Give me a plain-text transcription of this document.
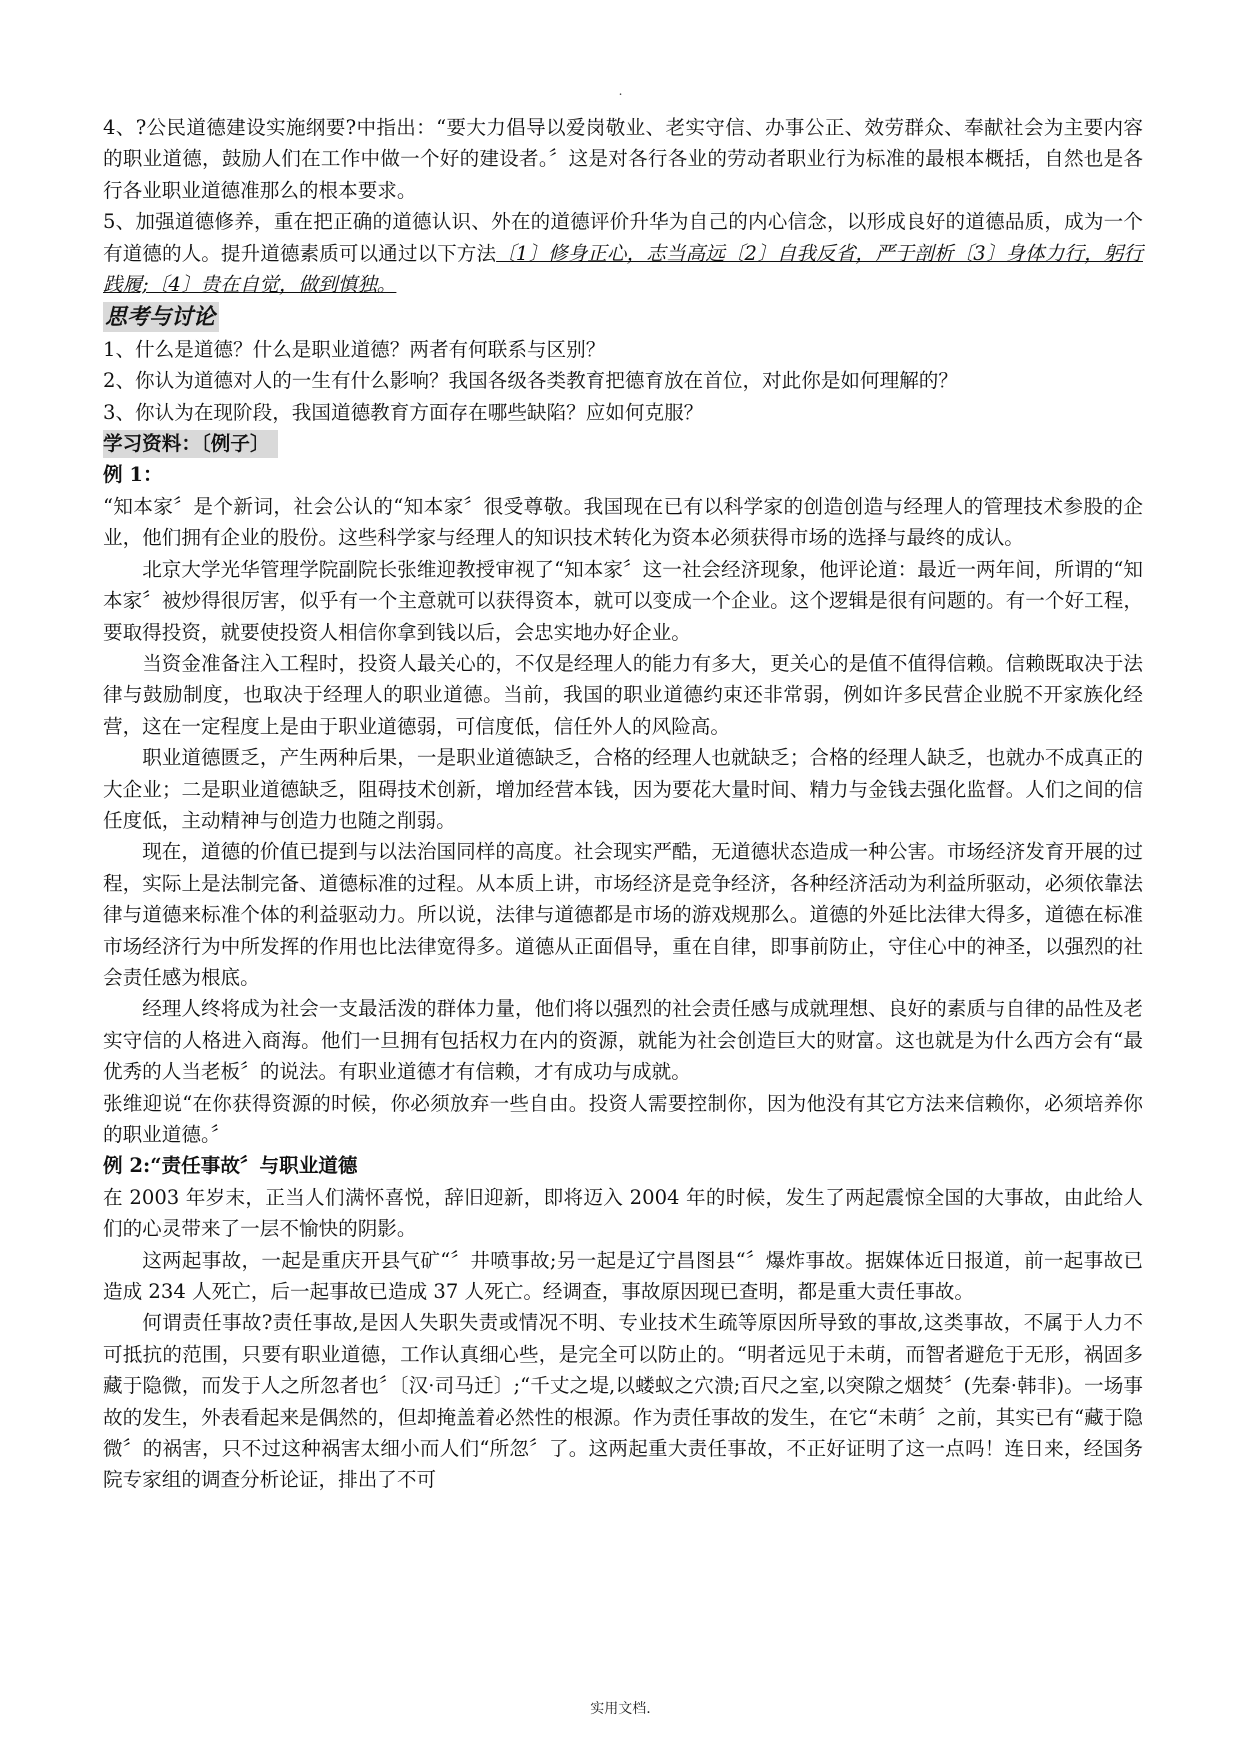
.

4、?公民道德建设实施纲要?中指出：“要大力倡导以爱岗敬业、老实守信、办事公正、效劳群众、奉献社会为主要内容的职业道德，鼓励人们在工作中做一个好的建设者。〞这是对各行各业的劳动者职业行为标准的最根本概括，自然也是各行各业职业道德准那么的根本要求。

5、加强道德修养，重在把正确的道德认识、外在的道德评价升华为自己的内心信念，以形成良好的道德品质，成为一个有道德的人。提升道德素质可以通过以下方法〔1〕修身正心，志当高远〔2〕自我反省，严于剖析〔3〕身体力行，躬行践履;〔4〕贵在自觉，做到慎独。

思考与讨论

1、什么是道德？什么是职业道德？两者有何联系与区别？

2、你认为道德对人的一生有什么影响？我国各级各类教育把德育放在首位，对此你是如何理解的？

3、你认为在现阶段，我国道德教育方面存在哪些缺陷？应如何克服？

学习资料：〔例子〕

例 1：

“知本家〞是个新词，社会公认的“知本家〞很受尊敬。我国现在已有以科学家的创造创造与经理人的管理技术参股的企业，他们拥有企业的股份。这些科学家与经理人的知识技术转化为资本必须获得市场的选择与最终的成认。

北京大学光华管理学院副院长张维迎教授审视了“知本家〞这一社会经济现象，他评论道：最近一两年间，所谓的“知本家〞被炒得很厉害，似乎有一个主意就可以获得资本，就可以变成一个企业。这个逻辑是很有问题的。有一个好工程，要取得投资，就要使投资人相信你拿到钱以后，会忠实地办好企业。

当资金准备注入工程时，投资人最关心的，不仅是经理人的能力有多大，更关心的是值不值得信赖。信赖既取决于法律与鼓励制度，也取决于经理人的职业道德。当前，我国的职业道德约束还非常弱，例如许多民营企业脱不开家族化经营，这在一定程度上是由于职业道德弱，可信度低，信任外人的风险高。

职业道德匮乏，产生两种后果，一是职业道德缺乏，合格的经理人也就缺乏；合格的经理人缺乏，也就办不成真正的大企业；二是职业道德缺乏，阻碍技术创新，增加经营本钱，因为要花大量时间、精力与金钱去强化监督。人们之间的信任度低，主动精神与创造力也随之削弱。

现在，道德的价值已提到与以法治国同样的高度。社会现实严酷，无道德状态造成一种公害。市场经济发育开展的过程，实际上是法制完备、道德标准的过程。从本质上讲，市场经济是竞争经济，各种经济活动为利益所驱动，必须依靠法律与道德来标准个体的利益驱动力。所以说，法律与道德都是市场的游戏规那么。道德的外延比法律大得多，道德在标准市场经济行为中所发挥的作用也比法律宽得多。道德从正面倡导，重在自律，即事前防止，守住心中的神圣，以强烈的社会责任感为根底。

经理人终将成为社会一支最活泼的群体力量，他们将以强烈的社会责任感与成就理想、良好的素质与自律的品性及老实守信的人格进入商海。他们一旦拥有包括权力在内的资源，就能为社会创造巨大的财富。这也就是为什么西方会有“最优秀的人当老板〞的说法。有职业道德才有信赖，才有成功与成就。

张维迎说“在你获得资源的时候，你必须放弃一些自由。投资人需要控制你，因为他没有其它方法来信赖你，必须培养你的职业道德。〞

例 2:“责任事故〞与职业道德

在 2003 年岁末，正当人们满怀喜悦，辞旧迎新，即将迈入 2004 年的时候，发生了两起震惊全国的大事故，由此给人们的心灵带来了一层不愉快的阴影。

这两起事故，一起是重庆开县气矿“〞井喷事故;另一起是辽宁昌图县“〞爆炸事故。据媒体近日报道，前一起事故已造成 234 人死亡，后一起事故已造成 37 人死亡。经调查，事故原因现已查明，都是重大责任事故。

何谓责任事故?责任事故,是因人失职失责或情况不明、专业技术生疏等原因所导致的事故,这类事故，不属于人力不可抵抗的范围，只要有职业道德，工作认真细心些，是完全可以防止的。“明者远见于未萌，而智者避危于无形，祸固多藏于隐微，而发于人之所忽者也〞〔汉·司马迁〕;“千丈之堤,以蝼蚁之穴溃;百尺之室,以突隙之烟焚〞(先秦·韩非)。一场事故的发生，外表看起来是偶然的，但却掩盖着必然性的根源。作为责任事故的发生，在它“未萌〞之前，其实已有“藏于隐微〞的祸害，只不过这种祸害太细小而人们“所忽〞了。这两起重大责任事故，不正好证明了这一点吗！连日来，经国务院专家组的调查分析论证，排出了不可

实用文档.
